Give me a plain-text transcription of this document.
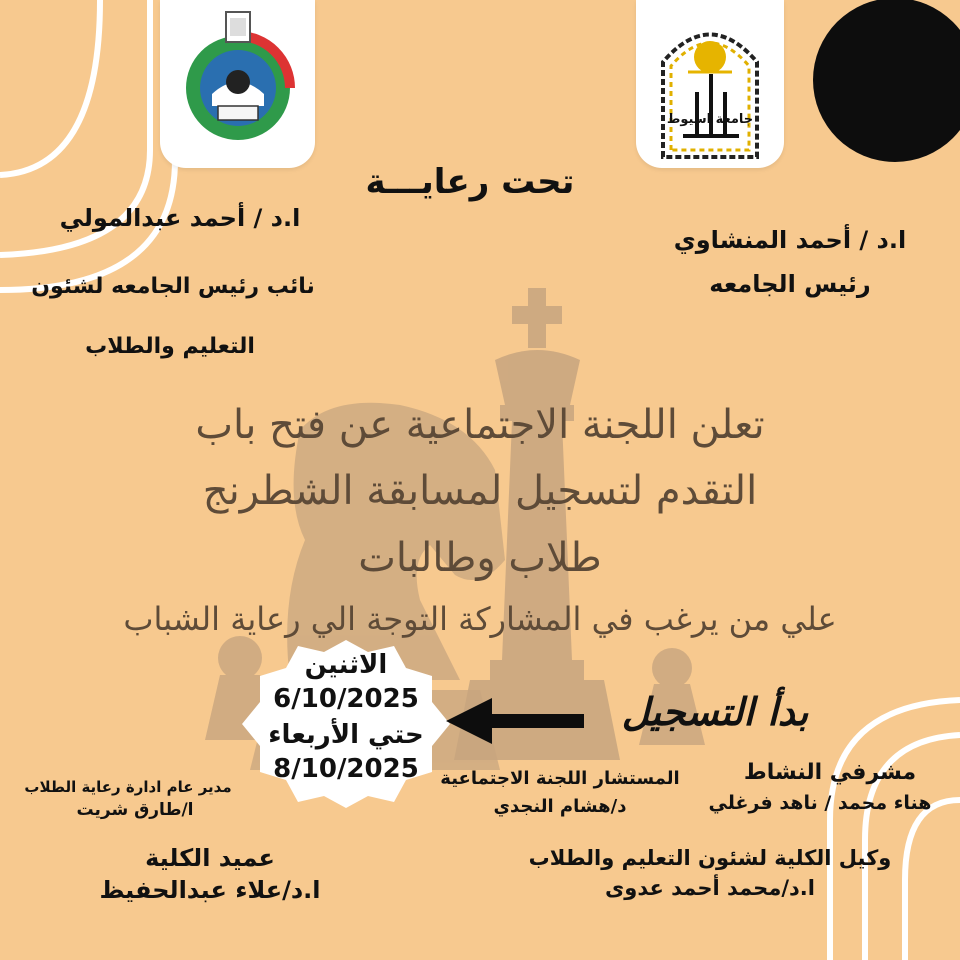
جامعة اسيوط
تحت رعايـــة
ا.د / أحمد المنشاوي
رئيس الجامعه
ا.د / أحمد عبدالمولي
نائب رئيس الجامعه لشئون
التعليم والطلاب
تعلن اللجنة الاجتماعية عن فتح باب
التقدم لتسجيل لمسابقة الشطرنج
طلاب وطالبات
علي من يرغب في المشاركة التوجة الي رعاية الشباب
الاثنين
6/10/2025
حتي الأربعاء
8/10/2025
بدأ التسجيل
مشرفي النشاط
هناء محمد / ناهد فرغلي
المستشار اللجنة الاجتماعية
د/هشام النجدي
مدير عام ادارة رعاية الطلاب
ا/طارق شريت
عميد الكلية
ا.د/علاء عبدالحفيظ
وكيل الكلية لشئون التعليم والطلاب
ا.د/محمد أحمد عدوى
